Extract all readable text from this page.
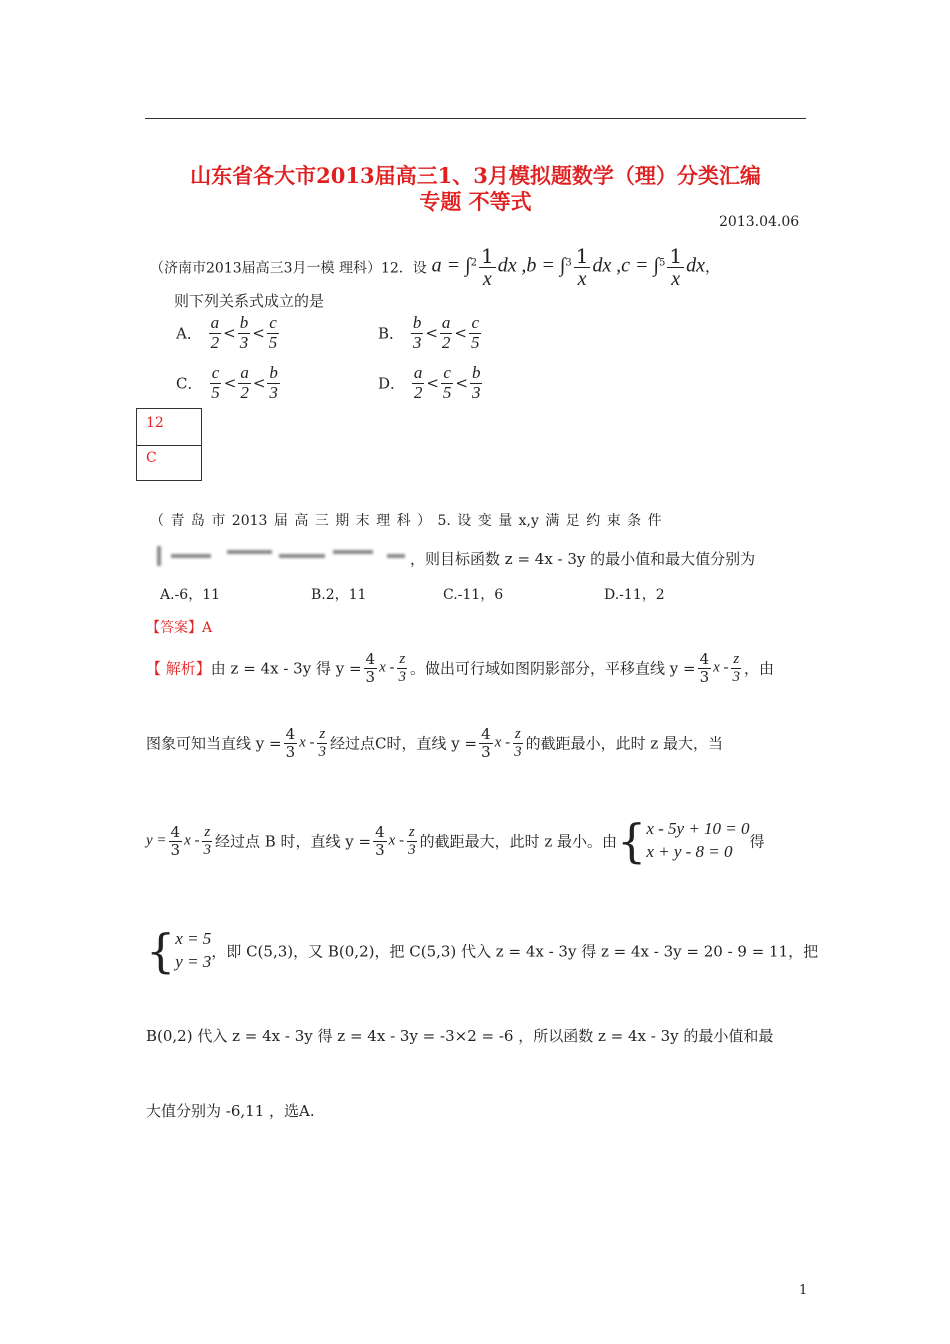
山东省各大市2013届高三1、3月模拟题数学（理）分类汇编
专题 不等式
2013.04.06
（济南市2013届高三3月一模 理科）12．设 $a = \int^2 \frac{1}{x}$ dx $,b = \int^3 \frac{1}{x}$ dx $,c = \int^5 \frac{1}{x}$ dx，
则下列关系式成立的是
A． $\frac{a}{2} < \frac{b}{3} < \frac{c}{5}$	B． $\frac{b}{3} < \frac{a}{2} < \frac{c}{5}$
C． $\frac{c}{5} < \frac{a}{2} < \frac{b}{3}$	D． $\frac{a}{2} < \frac{c}{5} < \frac{b}{3}$
12
C
（ 青 岛 市 2013 届 高 三 期 末 理 科 ） 5. 设 变 量 x,y 满 足 约 束 条 件
，则目标函数 z = 4x - 3y 的最小值和最大值分别为
A.-6，11	B.2，11	C.-11，6	D.-11，2
【答案】A
【 解析】由 z = 4x - 3y 得 $y = \frac{4}{3}$ x - $\frac{z}{3}$ 。做出可行域如图阴影部分，平移直线 $y = \frac{4}{3}$ x - $\frac{z}{3}$ ，由
图象可知当直线 $y = \frac{4}{3}$ x - $\frac{z}{3}$ 经过点C时，直线 $y = \frac{4}{3}$ x - $\frac{z}{3}$ 的截距最小，此时 z 最大，当
$y = \frac{4}{3}$ x - $\frac{z}{3}$ 经过点 B 时，直线 $y = \frac{4}{3}$ x - $\frac{z}{3}$ 的截距最大，此时 z 最小。由{ x - 5y + 10 = 0
x + y - 8 = 0
得
{ x = 5
y = 3
，即 C(5,3)，又 B(0,2)，把 C(5,3) 代入 z = 4x - 3y 得 z = 4x - 3y = 20 - 9 = 11，把
B(0,2) 代入 z = 4x - 3y 得 z = 4x - 3y = -3×2 = -6 ，所以函数 z = 4x - 3y 的最小值和最
大值分别为 -6,11 ，选A.
1
